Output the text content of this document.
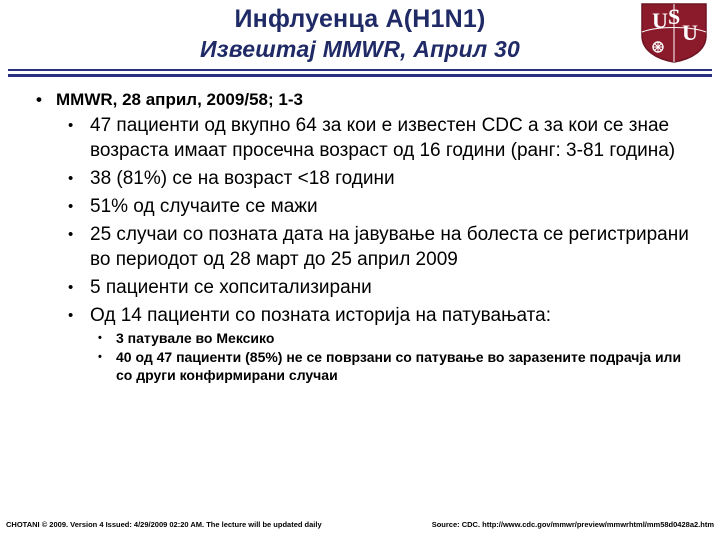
Инфлуенца A(H1N1)
Извештај MMWR, Април 30
U S
U
• MMWR, 28 април, 2009/58; 1-3
• 47 пациенти од вкупно 64 за кои е известен CDC а за кои се знае возраста имаат просечна возраст од 16 години (ранг: 3-81 година)
• 38 (81%) се на возраст <18 години
• 51% од случаите се мажи
• 25 случаи со позната дата на јавување на болеста се регистрирани во периодот од 28 март до 25 април 2009
• 5 пациенти се хопситализирани
• Од 14 пациенти со позната историја на патувањата:
• 3 патувале во Мексико
• 40 од 47 пациенти (85%) не се поврзани со патување во заразените подрачја или со други конфирмирани случаи
CHOTANI © 2009. Version 4 Issued: 4/29/2009 02:20 AM. The lecture will be updated daily	Source: CDC. http://www.cdc.gov/mmwr/preview/mmwrhtml/mm58d0428a2.htm
